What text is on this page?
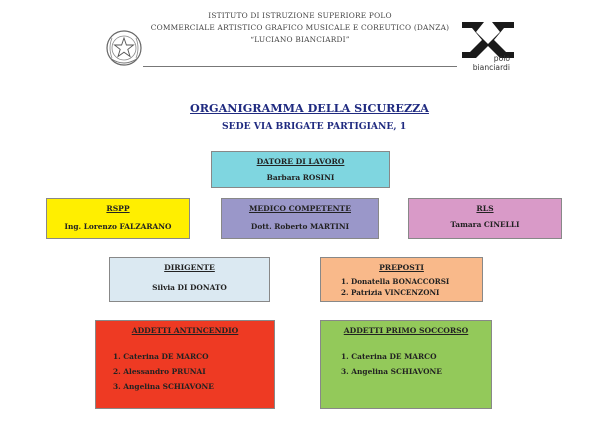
ISTITUTO DI ISTRUZIONE SUPERIORE POLO
COMMERCIALE ARTISTICO GRAFICO MUSICALE E COREUTICO (DANZA)
“LUCIANO BIANCIARDI”
polo
bianciardi
ORGANIGRAMMA DELLA SICUREZZA
SEDE VIA BRIGATE PARTIGIANE, 1
DATORE DI LAVORO
Barbara ROSINI
RSPP
Ing. Lorenzo FALZARANO
MEDICO COMPETENTE
Dott. Roberto MARTINI
RLS
Tamara CINELLI
DIRIGENTE
Silvia DI DONATO
PREPOSTI
1. Donatella BONACCORSI
2. Patrizia VINCENZONI
ADDETTI ANTINCENDIO
1. Caterina DE MARCO
2. Alessandro PRUNAI
3. Angelina SCHIAVONE
ADDETTI PRIMO SOCCORSO
1. Caterina DE MARCO
3. Angelina SCHIAVONE
